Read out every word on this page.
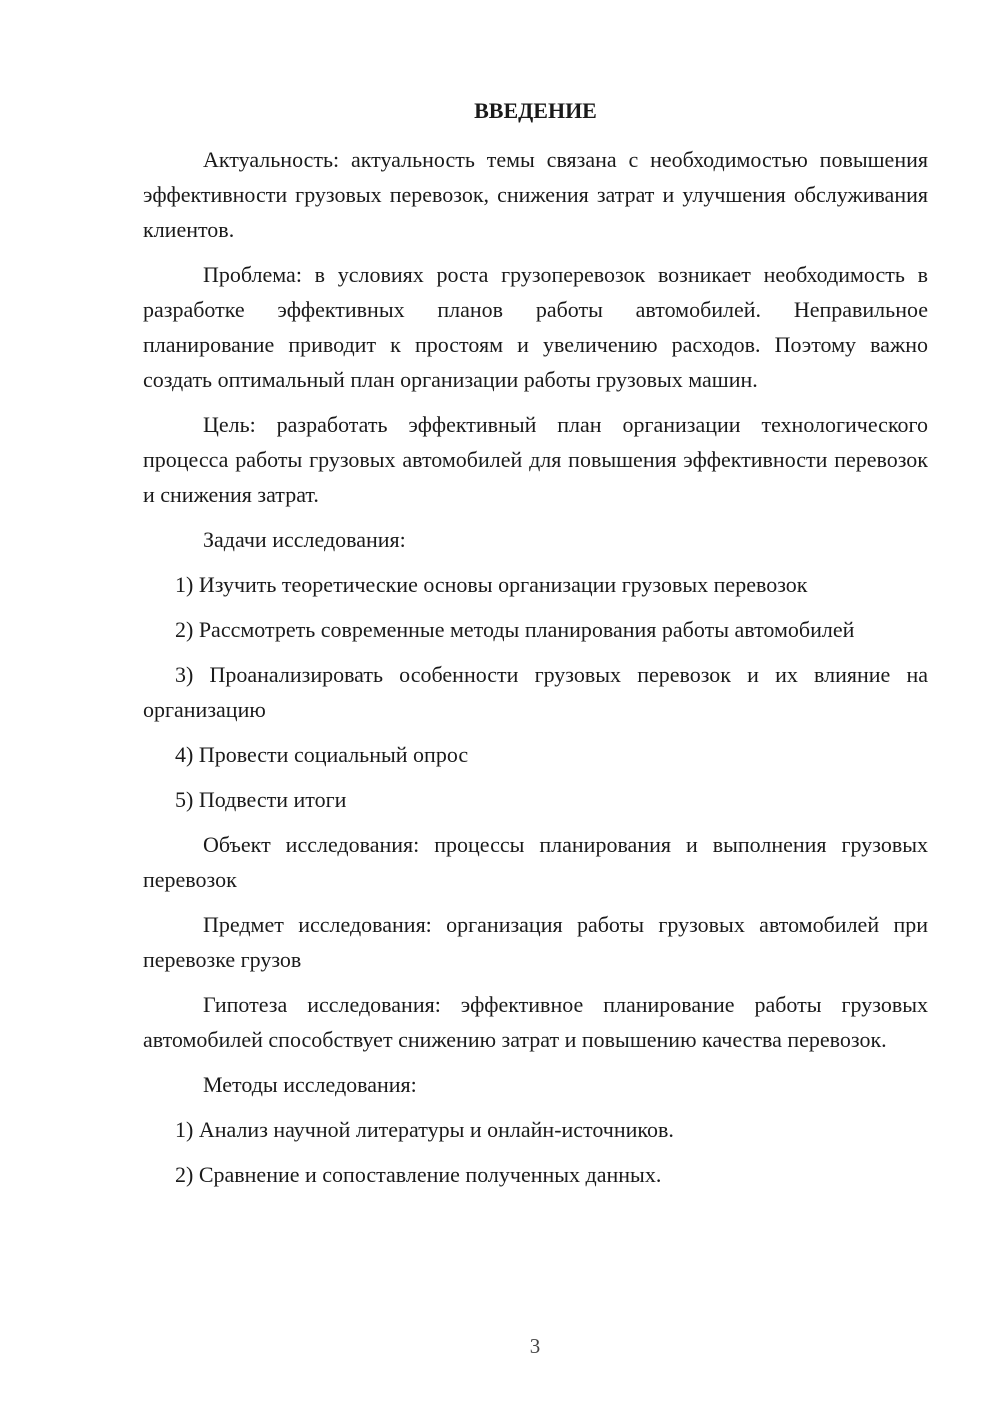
ВВЕДЕНИЕ

Актуальность: актуальность темы связана с необходимостью повышения эффективности грузовых перевозок, снижения затрат и улучшения обслуживания клиентов.

Проблема: в условиях роста грузоперевозок возникает необходимость в разработке эффективных планов работы автомобилей. Неправильное планирование приводит к простоям и увеличению расходов. Поэтому важно создать оптимальный план организации работы грузовых машин.

Цель: разработать эффективный план организации технологического процесса работы грузовых автомобилей для повышения эффективности перевозок и снижения затрат.

Задачи исследования:

1) Изучить теоретические основы организации грузовых перевозок

2) Рассмотреть современные методы планирования работы автомобилей

3) Проанализировать особенности грузовых перевозок и их влияние на организацию

4) Провести социальный опрос

5) Подвести итоги

Объект исследования: процессы планирования и выполнения грузовых перевозок

Предмет исследования: организация работы грузовых автомобилей при перевозке грузов

Гипотеза исследования: эффективное планирование работы грузовых автомобилей способствует снижению затрат и повышению качества перевозок.

Методы исследования:

1) Анализ научной литературы и онлайн-источников.

2) Сравнение и сопоставление полученных данных.

3
